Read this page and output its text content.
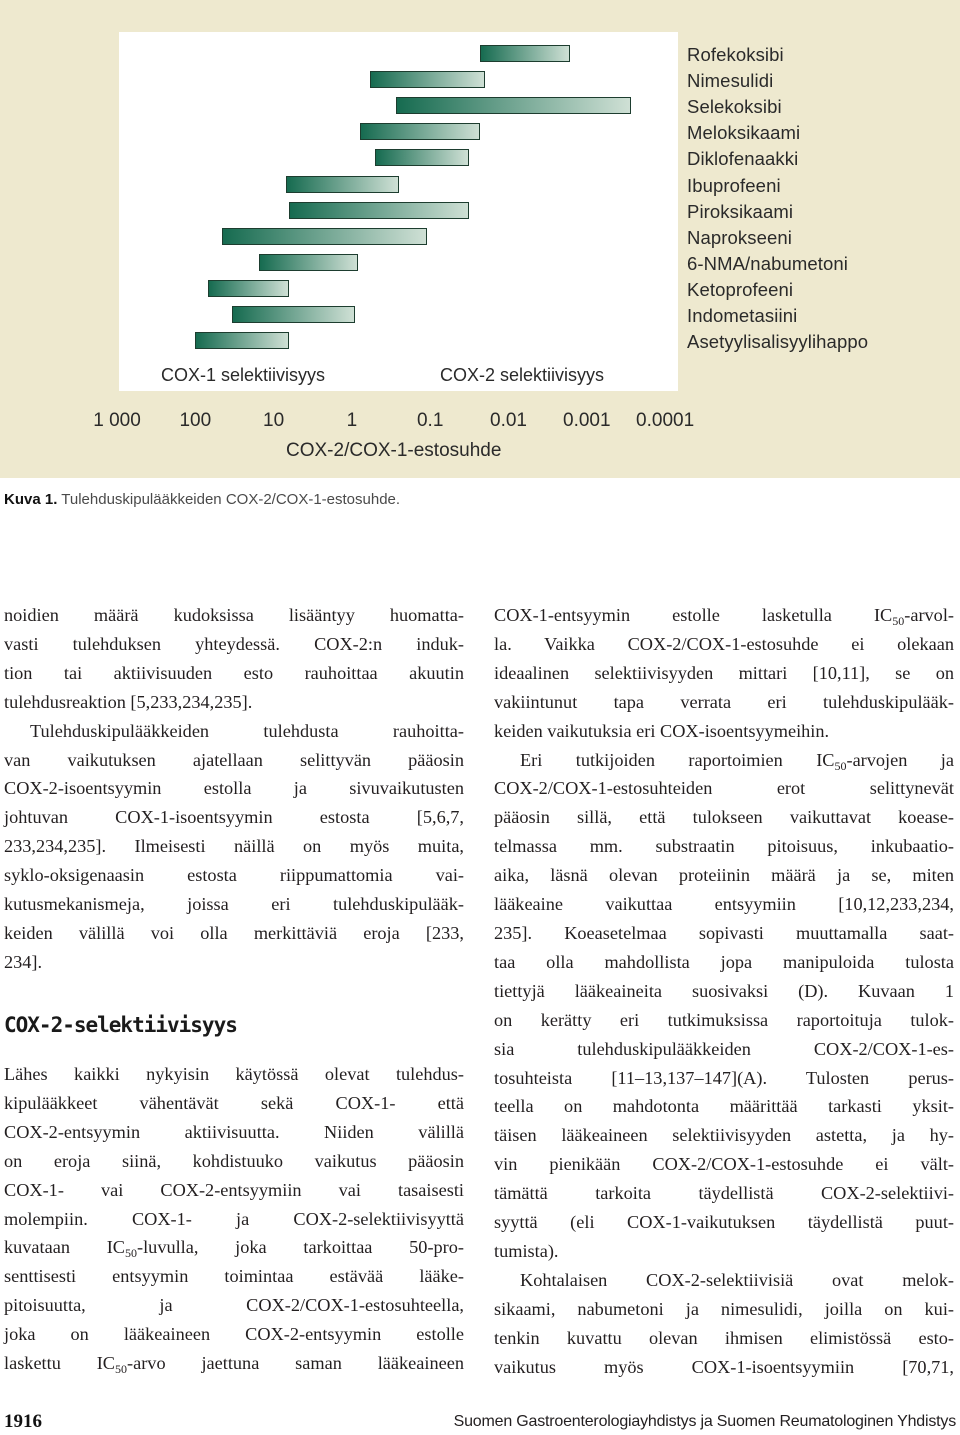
Rofekoksibi
Nimesulidi
Selekoksibi
Meloksikaami
Diklofenaakki
Ibuprofeeni
Piroksikaami
Naprokseeni
6-NMA/nabumetoni
Ketoprofeeni
Indometasiini
Asetyylisalisyylihappo
COX-1 selektiivisyys	COX-2 selektiivisyys
1 000 100	10	1	0.1 0.01 0.001 0.0001
COX-2/COX-1-estosuhde
Kuva 1. Tulehduskipulääkkeiden COX-2/COX-1-estosuhde.
noidien määrä kudoksissa lisääntyy huomatta-
vasti tulehduksen yhteydessä. COX-2:n induk-
tion tai aktiivisuuden esto rauhoittaa akuutin
tulehdusreaktion [5,233,234,235].
Tulehduskipulääkkeiden tulehdusta rauhoitta-
van vaikutuksen ajatellaan selittyvän pääosin
COX-2-isoentsyymin estolla ja sivuvaikutusten
johtuvan COX-1-isoentsyymin estosta [5,6,7,
233,234,235]. Ilmeisesti näillä on myös muita,
syklo-oksigenaasin estosta riippumattomia vai-
kutusmekanismeja, joissa eri tulehduskipulääk-
keiden välillä voi olla merkittäviä eroja [233,
234].
COX-2-selektiivisyys
Lähes kaikki nykyisin käytössä olevat tulehdus-
kipulääkkeet vähentävät sekä COX-1- että
COX-2-entsyymin aktiivisuutta. Niiden välillä
on eroja siinä, kohdistuuko vaikutus pääosin
COX-1- vai COX-2-entsyymiin vai tasaisesti
molempiin. COX-1- ja COX-2-selektiivisyyttä
kuvataan $IC_{50}$-luvulla, joka tarkoittaa 50-pro-
senttisesti entsyymin toimintaa estävää lääke-
pitoisuutta, ja COX-2/COX-1-estosuhteella,
joka on lääkeaineen COX-2-entsyymin estolle
laskettu $IC_{50}$-arvo jaettuna saman lääkeaineen
COX-1-entsyymin estolle lasketulla $IC_{50}-arvol-$
la. Vaikka COX-2/COX-1-estosuhde ei olekaan
ideaalinen selektiivisyyden mittari [10,11], se on
vakiintunut tapa verrata eri tulehduskipulääk-
keiden vaikutuksia eri COX-isoentsyymeihin.
Eri tutkijoiden raportoimien $IC_{50}$-arvojen ja
COX-2/COX-1-estosuhteiden erot selittynevät
pääosin sillä, että tulokseen vaikuttavat koease-
telmassa mm. substraatin pitoisuus, inkubaatio-
aika, läsnä olevan proteiinin määrä ja se, miten
lääkeaine vaikuttaa entsyymiin [10,12,233,234,
235]. Koeasetelmaa sopivasti muuttamalla saat-
taa olla mahdollista jopa manipuloida tulosta
tiettyjä lääkeaineita suosivaksi (D). Kuvaan 1
on kerätty eri tutkimuksissa raportoituja tulok-
sia tulehduskipulääkkeiden COX-2/COX-1-es-
tosuhteista [11–13,137–147](A). Tulosten perus-
teella on mahdotonta määrittää tarkasti yksit-
täisen lääkeaineen selektiivisyyden astetta, ja hy-
vin pienikään COX-2/COX-1-estosuhde ei vält-
tämättä tarkoita täydellistä COX-2-selektiivi-
syyttä (eli COX-1-vaikutuksen täydellistä puut-
tumista).
Kohtalaisen COX-2-selektiivisiä ovat melok-
sikaami, nabumetoni ja nimesulidi, joilla on kui-
tenkin kuvattu olevan ihmisen elimistössä esto-
vaikutus myös COX-1-isoentsyymiin [70,71,
1916	Suomen Gastroenterologiayhdistys ja Suomen Reumatologinen Yhdistys
